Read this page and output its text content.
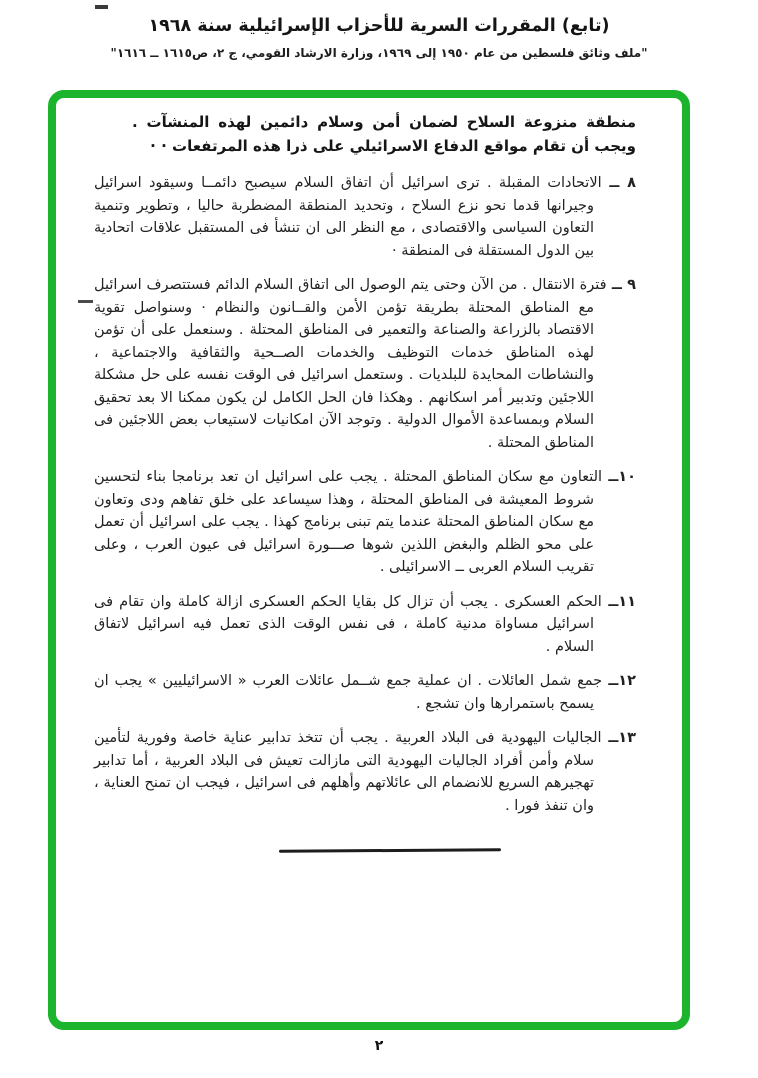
(تابع) المقررات السرية للأحزاب الإسرائيلية سنة ١٩٦٨
"ملف وثائق فلسطين من عام ١٩٥٠ إلى ١٩٦٩، وزارة الارشاد القومي، ج ٢، ص١٦١٥ ــ ١٦١٦"

منطقة منزوعة السلاح لضمان أمن وسلام دائمين لهذه المنشآت . ويجب أن تقام مواقع الدفاع الاسرائيلي على ذرا هذه المرتفعات · ·

٨ ــ الاتحادات المقبلة . ترى اسرائيل أن اتفاق السلام سيصبح دائمــا وسيقود اسرائيل وجيرانها قدما نحو نزع السلاح ، وتحديد المنطقة المضطربة حاليا ، وتطوير وتنمية التعاون السياسى والاقتصادى ، مع النظر الى ان تنشأ فى المستقبل علاقات اتحادية بين الدول المستقلة فى المنطقة ·
٩ ــ فترة الانتقال . من الآن وحتى يتم الوصول الى اتفاق السلام الدائم فستتصرف اسرائيل مع المناطق المحتلة بطريقة تؤمن الأمن والقــانون والنظام · وسنواصل تقوية الاقتصاد بالزراعة والصناعة والتعمير فى المناطق المحتلة . وسنعمل على أن تؤمن لهذه المناطق خدمات التوظيف والخدمات الصــحية والثقافية والاجتماعية ، والنشاطات المحايدة للبلديات . وستعمل اسرائيل فى الوقت نفسه على حل مشكلة اللاجئين وتدبير أمر اسكانهم . وهكذا فان الحل الكامل لن يكون ممكنا الا بعد تحقيق السلام وبمساعدة الأموال الدولية . وتوجد الآن امكانيات لاستيعاب بعض اللاجئين فى المناطق المحتلة .
١٠ــ التعاون مع سكان المناطق المحتلة . يجب على اسرائيل ان تعد برنامجا بناء لتحسين شروط المعيشة فى المناطق المحتلة ، وهذا سيساعد على خلق تفاهم ودى وتعاون مع سكان المناطق المحتلة عندما يتم تبنى برنامج كهذا . يجب على اسرائيل أن تعمل على محو الظلم والبغض اللذين شوها صـــورة اسرائيل فى عيون العرب ، وعلى تقريب السلام العربى ــ الاسرائيلى .
١١ــ الحكم العسكرى . يجب أن تزال كل بقايا الحكم العسكرى ازالة كاملة وان تقام فى اسرائيل مساواة مدنية كاملة ، فى نفس الوقت الذى تعمل فيه اسرائيل لاتفاق السلام .
١٢ــ جمع شمل العائلات . ان عملية جمع شــمل عائلات العرب « الاسرائيليين » يجب ان يسمح باستمرارها وان تشجع .
١٣ــ الجاليات اليهودية فى البلاد العربية . يجب أن تتخذ تدابير عناية خاصة وفورية لتأمين سلام وأمن أفراد الجاليات اليهودية التى مازالت تعيش فى البلاد العربية ، أما تدابير تهجيرهم السريع للانضمام الى عائلاتهم وأهلهم فى اسرائيل ، فيجب ان تمنح العناية ، وان تنفذ فورا .
٢
